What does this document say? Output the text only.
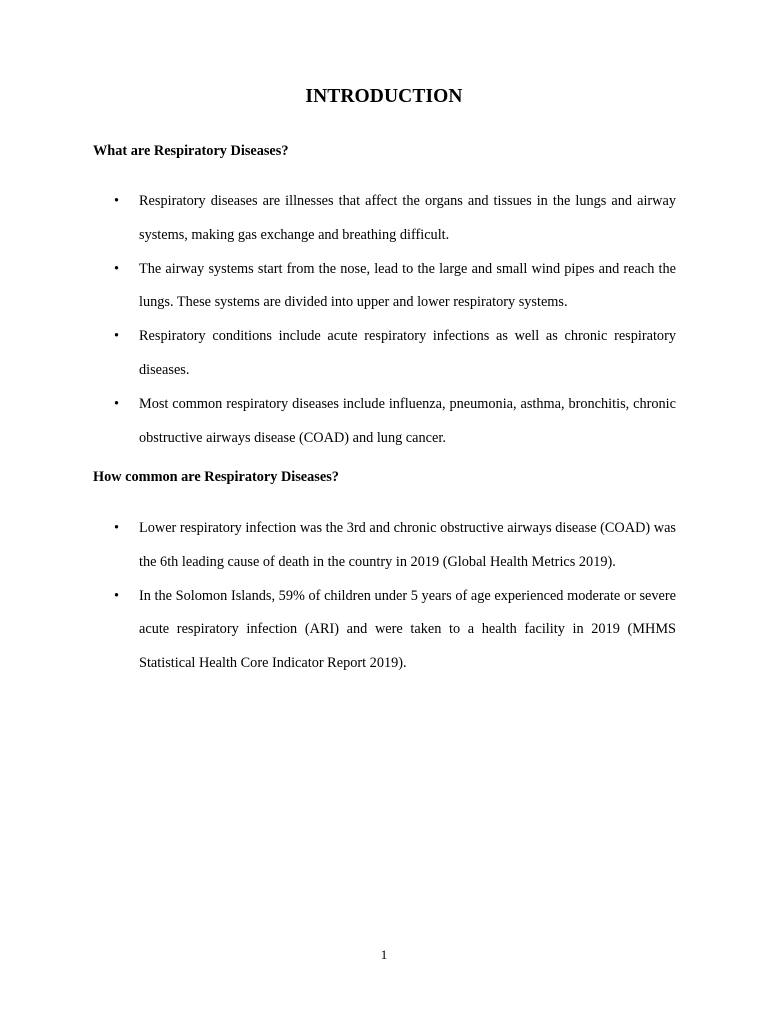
INTRODUCTION
What are Respiratory Diseases?
• Respiratory diseases are illnesses that affect the organs and tissues in the lungs and airway systems, making gas exchange and breathing difficult.
• The airway systems start from the nose, lead to the large and small wind pipes and reach the lungs. These systems are divided into upper and lower respiratory systems.
• Respiratory conditions include acute respiratory infections as well as chronic respiratory diseases.
• Most common respiratory diseases include influenza, pneumonia, asthma, bronchitis, chronic obstructive airways disease (COAD) and lung cancer.
How common are Respiratory Diseases?
• Lower respiratory infection was the 3rd and chronic obstructive airways disease (COAD) was the 6th leading cause of death in the country in 2019 (Global Health Metrics 2019).
• In the Solomon Islands, 59% of children under 5 years of age experienced moderate or severe acute respiratory infection (ARI) and were taken to a health facility in 2019 (MHMS Statistical Health Core Indicator Report 2019).
1
